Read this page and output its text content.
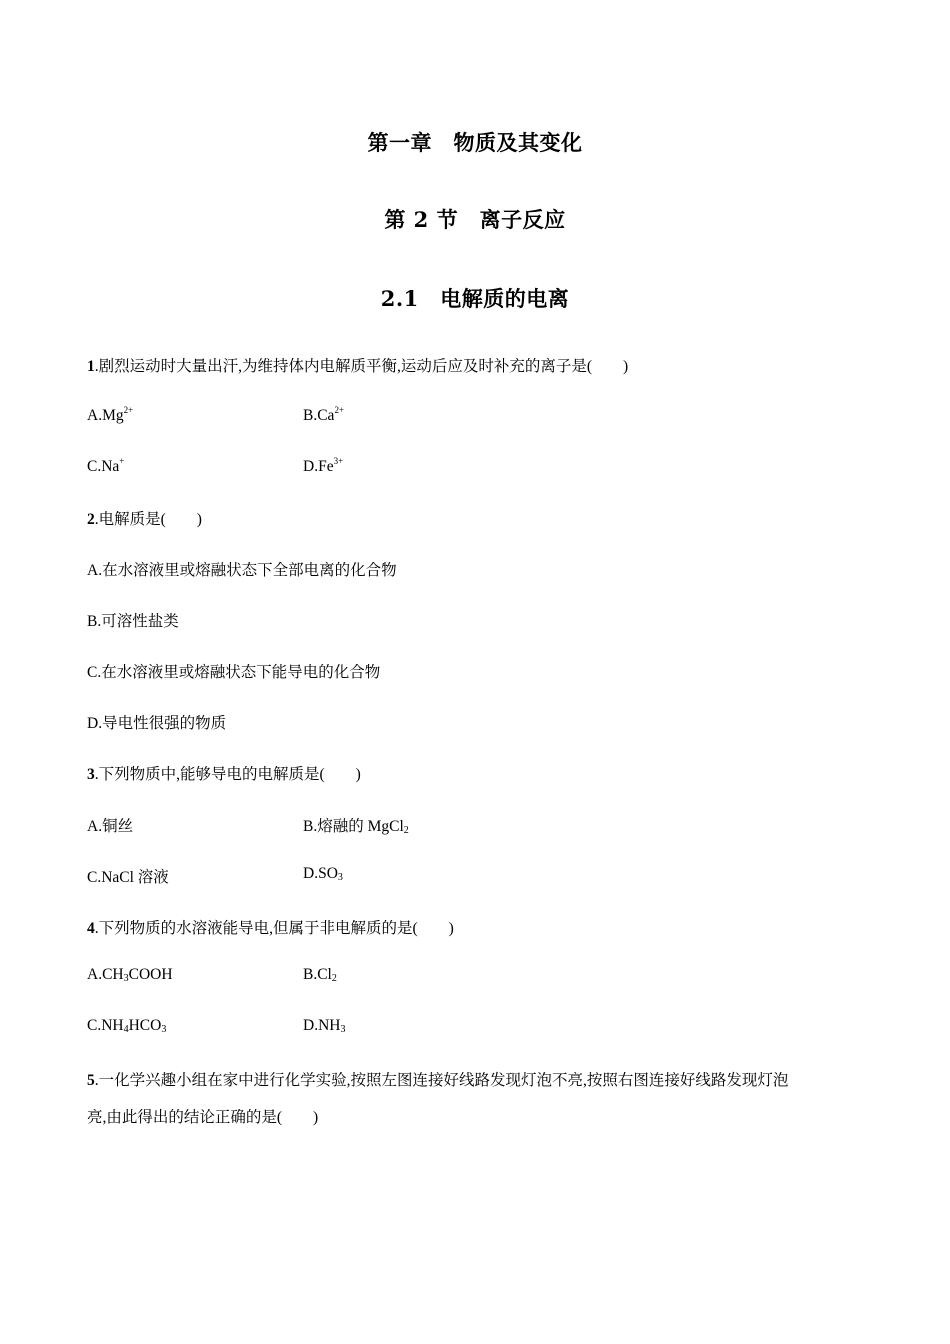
第一章　物质及其变化
第 2 节　离子反应
2.1　电解质的电离
1.剧烈运动时大量出汗,为维持体内电解质平衡,运动后应及时补充的离子是(　　)
$A.Mg^{2+}$	$B.Ca^{2+}$
C.Na+	$D.Fe^{3+}$
2.电解质是(　　)
A.在水溶液里或熔融状态下全部电离的化合物
B.可溶性盐类
C.在水溶液里或熔融状态下能导电的化合物
D.导电性很强的物质
3.下列物质中,能够导电的电解质是(　　)
A.铜丝	B.熔融的 MgCl$_2$
C.NaCl 溶液	$D.SO_3$
4.下列物质的水溶液能导电,但属于非电解质的是(　　)
$A.CH_3COOH$	$B.Cl_2$
$C.NH_4HCO_3$	$D.NH_3$
5.一化学兴趣小组在家中进行化学实验,按照左图连接好线路发现灯泡不亮,按照右图连接好线路发现灯泡
亮,由此得出的结论正确的是(　　)
